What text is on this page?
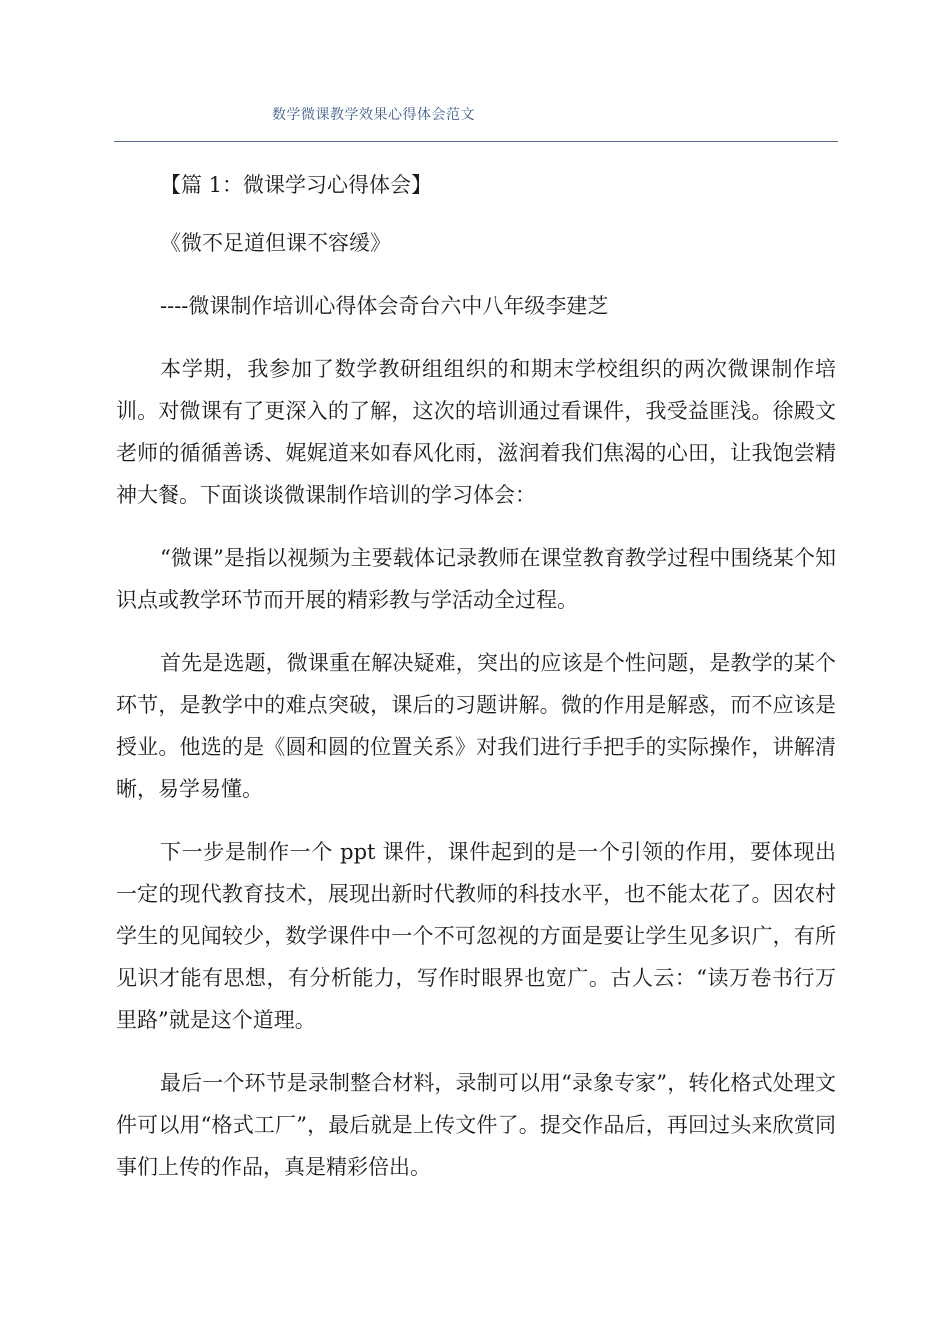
数学微课教学效果心得体会范文

【篇 1：微课学习心得体会】

《微不足道但课不容缓》

----微课制作培训心得体会奇台六中八年级李建芝

本学期，我参加了数学教研组组织的和期末学校组织的两次微课制作培训。对微课有了更深入的了解，这次的培训通过看课件，我受益匪浅。徐殿文老师的循循善诱、娓娓道来如春风化雨，滋润着我们焦渴的心田，让我饱尝精神大餐。下面谈谈微课制作培训的学习体会：

“微课”是指以视频为主要载体记录教师在课堂教育教学过程中围绕某个知识点或教学环节而开展的精彩教与学活动全过程。

首先是选题，微课重在解决疑难，突出的应该是个性问题，是教学的某个环节，是教学中的难点突破，课后的习题讲解。微的作用是解惑，而不应该是授业。他选的是《圆和圆的位置关系》对我们进行手把手的实际操作，讲解清晰，易学易懂。

下一步是制作一个 ppt 课件，课件起到的是一个引领的作用，要体现出一定的现代教育技术，展现出新时代教师的科技水平，也不能太花了。因农村学生的见闻较少，数学课件中一个不可忽视的方面是要让学生见多识广，有所见识才能有思想，有分析能力，写作时眼界也宽广。古人云：“读万卷书行万里路”就是这个道理。

最后一个环节是录制整合材料，录制可以用“录象专家”，转化格式处理文件可以用“格式工厂”，最后就是上传文件了。提交作品后，再回过头来欣赏同事们上传的作品，真是精彩倍出。
